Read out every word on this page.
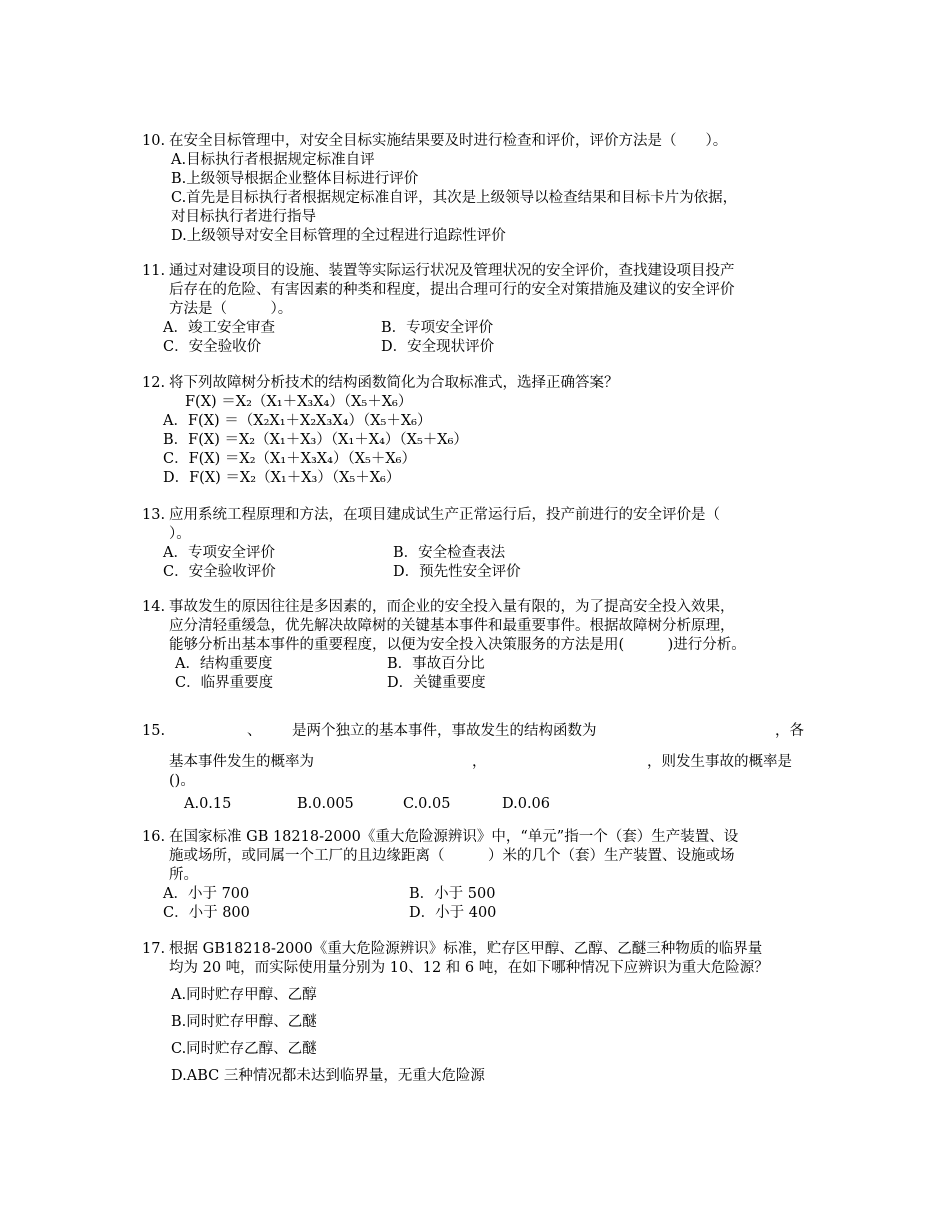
10. 在安全目标管理中，对安全目标实施结果要及时进行检查和评价，评价方法是（　　）。
A.目标执行者根据规定标准自评
B.上级领导根据企业整体目标进行评价
C.首先是目标执行者根据规定标准自评，其次是上级领导以检查结果和目标卡片为依据，
对目标执行者进行指导
D.上级领导对安全目标管理的全过程进行追踪性评价
11. 通过对建设项目的设施、装置等实际运行状况及管理状况的安全评价，查找建设项目投产
后存在的危险、有害因素的种类和程度，提出合理可行的安全对策措施及建议的安全评价
方法是（　　　）。
A．竣工安全审查	B．专项安全评价
C．安全验收价	D．安全现状评价
12. 将下列故障树分析技术的结构函数简化为合取标准式，选择正确答案？
F(X) ＝X₂（X₁＋X₃X₄）（X₅＋X₆）
A．F(X) ＝（X₂X₁＋X₂X₃X₄）（X₅＋X₆）
B．F(X) ＝X₂（X₁＋X₃）（X₁＋X₄）（X₅＋X₆）
C．F(X) ＝X₂（X₁＋X₃X₄）（X₅＋X₆）
D．F(X) ＝X₂（X₁＋X₃）（X₅＋X₆）
13. 应用系统工程原理和方法，在项目建成试生产正常运行后，投产前进行的安全评价是（
）。
A．专项安全评价	B．安全检查表法
C．安全验收评价	D．预先性安全评价
14. 事故发生的原因往往是多因素的，而企业的安全投入量有限的，为了提高安全投入效果，
应分清轻重缓急，优先解决故障树的关键基本事件和最重要事件。根据故障树分析原理，
能够分析出基本事件的重要程度，以便为安全投入决策服务的方法是用(　　　)进行分析。
A．结构重要度	B．事故百分比
C．临界重要度	D．关键重要度
15.	、 是两个独立的基本事件，事故发生的结构函数为	，各
基本事件发生的概率为	，	，则发生事故的概率是
()。
A.0.15	B.0.005	C.0.05	D.0.06
16. 在国家标准 GB 18218-2000《重大危险源辨识》中，“单元”指一个（套）生产装置、设
施或场所，或同属一个工厂的且边缘距离（　　　）米的几个（套）生产装置、设施或场
所。
A．小于 700	B．小于 500
C．小于 800	D．小于 400
17. 根据 GB18218-2000《重大危险源辨识》标准，贮存区甲醇、乙醇、乙醚三种物质的临界量
均为 20 吨，而实际使用量分别为 10、12 和 6 吨，在如下哪种情况下应辨识为重大危险源？
A.同时贮存甲醇、乙醇
B.同时贮存甲醇、乙醚
C.同时贮存乙醇、乙醚
D.ABC 三种情况都未达到临界量，无重大危险源
